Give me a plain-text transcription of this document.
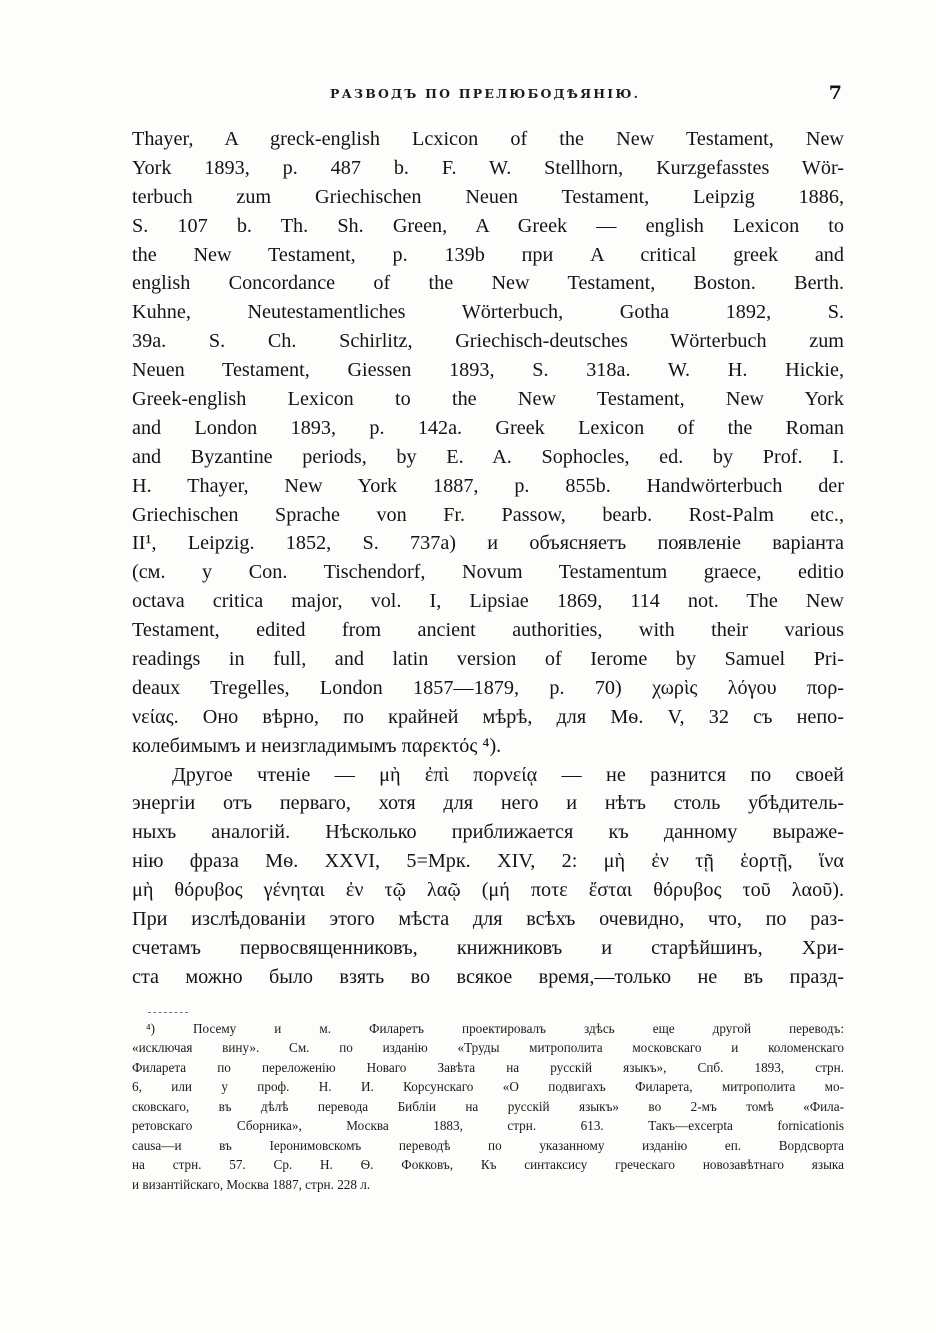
РАЗВОДЪ ПО ПРЕЛЮБОДѢЯНІЮ.	7
Thayer, A greck-english Lcxicon of the New Testament, New
York 1893, p. 487 b. F. W. Stellhorn, Kurzgefasstes Wör-
terbuch zum Griechischen Neuen Testament, Leipzig 1886,
S. 107 b. Th. Sh. Green, A Greek — english Lexicon to
the New Testament, p. 139b при A critical greek and
english Concordance of the New Testament, Boston. Berth.
Kuhne, Neutestamentliches Wörterbuch, Gotha 1892, S.
39a. S. Ch. Schirlitz, Griechisch-deutsches Wörterbuch zum
Neuen Testament, Giessen 1893, S. 318a. W. H. Hickie,
Greek-english Lexicon to the New Testament, New York
and London 1893, p. 142a. Greek Lexicon of the Roman
and Byzantine periods, by E. A. Sophocles, ed. by Prof. I.
H. Thayer, New York 1887, p. 855b. Handwörterbuch der
Griechischen Sprache von Fr. Passow, bearb. Rost-Palm etc.,
II¹, Leipzig. 1852, S. 737a) и объясняетъ появленіе варіанта
(см. у Con. Tischendorf, Novum Testamentum graece, editio
octava critica major, vol. I, Lipsiae 1869, 114 not. The New
Testament, edited from ancient authorities, with their various
readings in full, and latin version of Ierome by Samuel Pri-
deaux Tregelles, London 1857—1879, p. 70) χωρὶς λόγου πορ-
νείας. Оно вѣрно, по крайней мѣрѣ, для Мѳ. V, 32 съ непо-
колебимымъ и неизгладимымъ παρεκτός ⁴).
Другое чтеніе — μὴ ἐπὶ πορνείᾳ — не разнится по своей
энергіи отъ перваго, хотя для него и нѣтъ столь убѣдитель-
ныхъ аналогій. Нѣсколько приближается къ данному выраже-
нію фраза Мѳ. XXVI, 5=Мрк. XIV, 2: μὴ ἐν τῇ ἑορτῇ, ἵνα
μὴ θόρυβος γένηται ἐν τῷ λαῷ (μή ποτε ἔσται θόρυβος τοῦ λαοῦ).
При изслѣдованіи этого мѣста для всѣхъ очевидно, что, по раз-
счетамъ первосвященниковъ, книжниковъ и старѣйшинъ, Хри-
ста можно было взять во всякое время,—только не въ празд-
⁴) Посему и м. Филаретъ проектировалъ здѣсь еще другой переводъ:
«исключая вину». См. по изданію «Труды митрополита московскаго и коломенскаго
Филарета по переложенію Новаго Завѣта на русскій языкъ», Спб. 1893, стрн.
6, или у проф. Н. И. Корсунскаго «О подвигахъ Филарета, митрополита мо-
сковскаго, въ дѣлѣ перевода Библіи на русскій языкъ» во 2-мъ томѣ «Фила-
ретовскаго Сборника», Москва 1883, стрн. 613. Такъ—excerpta fornicationis
causa—и въ Іеронимовскомъ переводѣ по указанному изданію еп. Вордсворта
на стрн. 57. Ср. Н. Ѳ. Фокковъ, Къ синтаксису греческаго новозавѣтнаго языка
и византійскаго, Москва 1887, стрн. 228 л.
